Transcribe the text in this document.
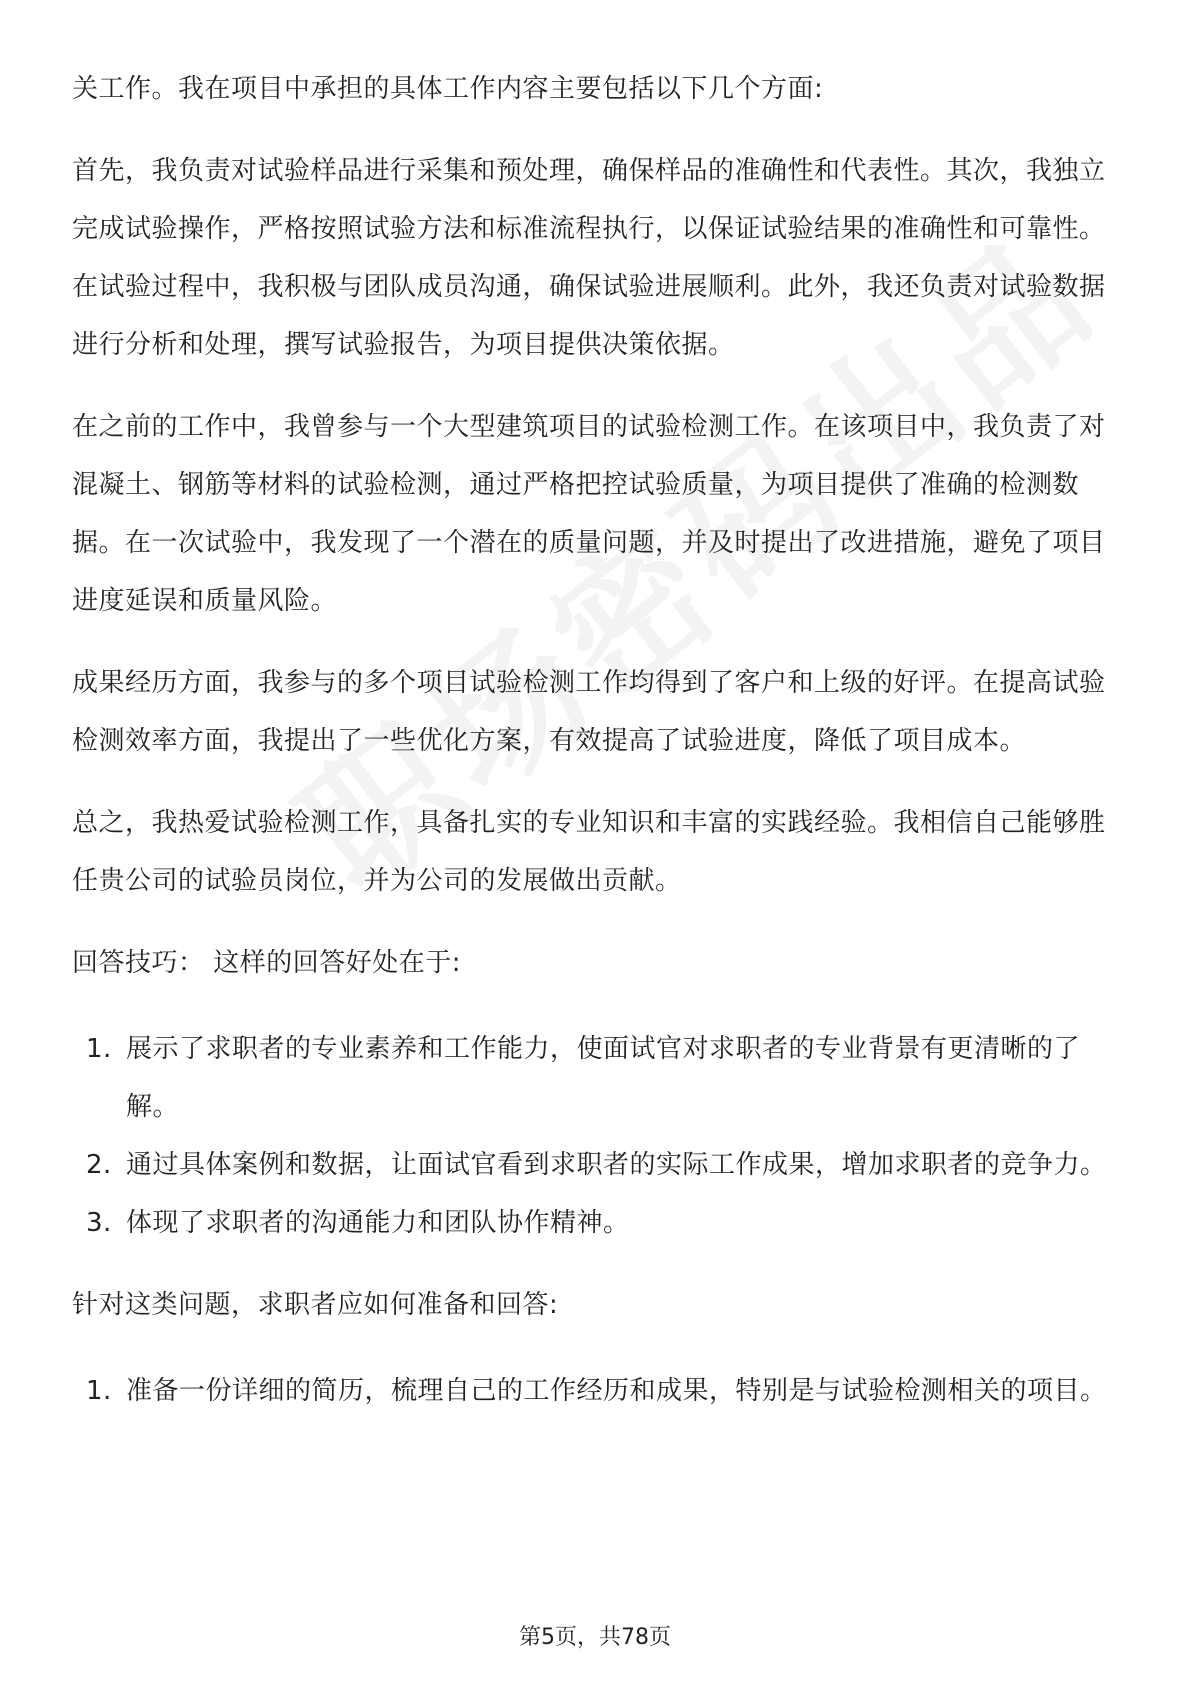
关工作。我在项目中承担的具体工作内容主要包括以下几个方面:

首先，我负责对试验样品进行采集和预处理，确保样品的准确性和代表性。其次，我独立完成试验操作，严格按照试验方法和标准流程执行，以保证试验结果的准确性和可靠性。在试验过程中，我积极与团队成员沟通，确保试验进展顺利。此外，我还负责对试验数据进行分析和处理，撰写试验报告，为项目提供决策依据。

在之前的工作中，我曾参与一个大型建筑项目的试验检测工作。在该项目中，我负责了对混凝土、钢筋等材料的试验检测，通过严格把控试验质量，为项目提供了准确的检测数据。在一次试验中，我发现了一个潜在的质量问题，并及时提出了改进措施，避免了项目进度延误和质量风险。

成果经历方面，我参与的多个项目试验检测工作均得到了客户和上级的好评。在提高试验检测效率方面，我提出了一些优化方案，有效提高了试验进度，降低了项目成本。

总之，我热爱试验检测工作，具备扎实的专业知识和丰富的实践经验。我相信自己能够胜任贵公司的试验员岗位，并为公司的发展做出贡献。

回答技巧： 这样的回答好处在于:

1. 展示了求职者的专业素养和工作能力，使面试官对求职者的专业背景有更清晰的了解。
2. 通过具体案例和数据，让面试官看到求职者的实际工作成果，增加求职者的竞争力。
3. 体现了求职者的沟通能力和团队协作精神。

针对这类问题，求职者应如何准备和回答:

1. 准备一份详细的简历，梳理自己的工作经历和成果，特别是与试验检测相关的项目。
第5页，共78页
